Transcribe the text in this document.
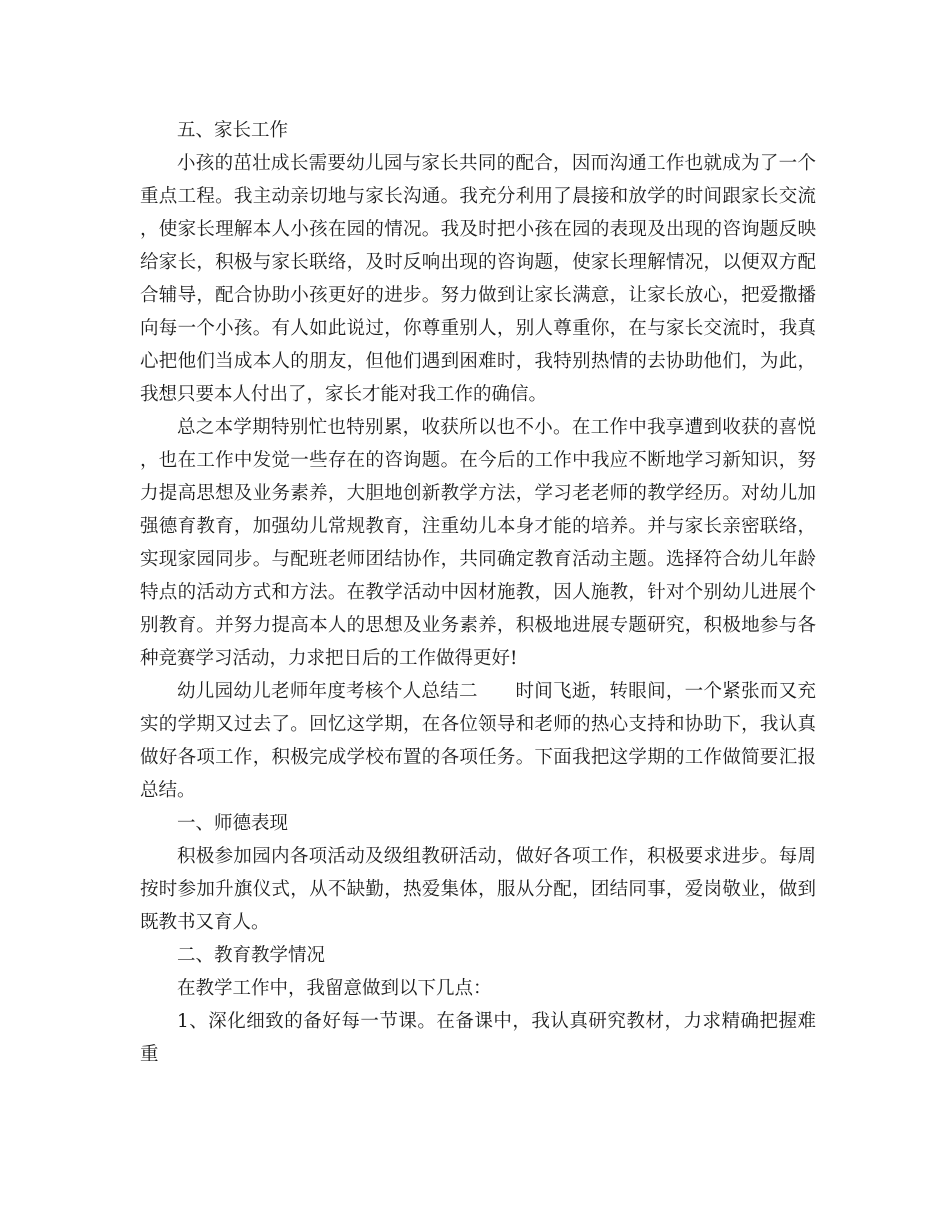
五、家长工作

小孩的茁壮成长需要幼儿园与家长共同的配合，因而沟通工作也就成为了一个重点工程。我主动亲切地与家长沟通。我充分利用了晨接和放学的时间跟家长交流，使家长理解本人小孩在园的情况。我及时把小孩在园的表现及出现的咨询题反映给家长，积极与家长联络，及时反响出现的咨询题，使家长理解情况，以便双方配合辅导，配合协助小孩更好的进步。努力做到让家长满意，让家长放心，把爱撒播向每一个小孩。有人如此说过，你尊重别人，别人尊重你，在与家长交流时，我真心把他们当成本人的朋友，但他们遇到困难时，我特别热情的去协助他们，为此，我想只要本人付出了，家长才能对我工作的确信。

总之本学期特别忙也特别累，收获所以也不小。在工作中我享遭到收获的喜悦，也在工作中发觉一些存在的咨询题。在今后的工作中我应不断地学习新知识，努力提高思想及业务素养，大胆地创新教学方法，学习老老师的教学经历。对幼儿加强德育教育，加强幼儿常规教育，注重幼儿本身才能的培养。并与家长亲密联络，实现家园同步。与配班老师团结协作，共同确定教育活动主题。选择符合幼儿年龄特点的活动方式和方法。在教学活动中因材施教，因人施教，针对个别幼儿进展个别教育。并努力提高本人的思想及业务素养，积极地进展专题研究，积极地参与各种竞赛学习活动，力求把日后的工作做得更好!

幼儿园幼儿老师年度考核个人总结二　　时间飞逝，转眼间，一个紧张而又充实的学期又过去了。回忆这学期，在各位领导和老师的热心支持和协助下，我认真做好各项工作，积极完成学校布置的各项任务。下面我把这学期的工作做简要汇报总结。

一、师德表现

积极参加园内各项活动及级组教研活动，做好各项工作，积极要求进步。每周按时参加升旗仪式，从不缺勤，热爱集体，服从分配，团结同事，爱岗敬业，做到既教书又育人。

二、教育教学情况

在教学工作中，我留意做到以下几点：

1、深化细致的备好每一节课。在备课中，我认真研究教材，力求精确把握难重
